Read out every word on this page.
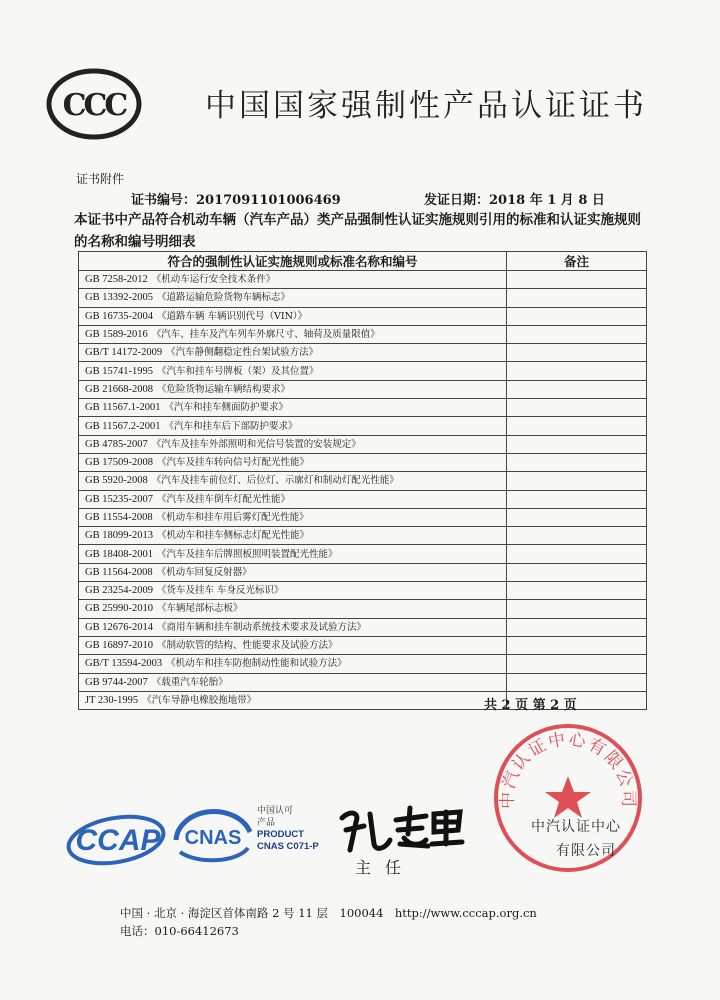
CCC	中国国家强制性产品认证证书
证书附件
证书编号：2017091101006469	发证日期：2018 年 1 月 8 日
本证书中产品符合机动车辆（汽车产品）类产品强制性认证实施规则引用的标准和认证实施规则的名称和编号明细表
符合的强制性认证实施规则或标准名称和编号	备注
GB 7258-2012 《机动车运行安全技术条件》	
GB 13392-2005 《道路运输危险货物车辆标志》	
GB 16735-2004 《道路车辆 车辆识别代号（VIN）》	
GB 1589-2016 《汽车、挂车及汽车列车外廓尺寸、轴荷及质量限值》	
GB/T 14172-2009 《汽车静侧翻稳定性台架试验方法》	
GB 15741-1995 《汽车和挂车号牌板（架）及其位置》	
GB 21668-2008 《危险货物运输车辆结构要求》	
GB 11567.1-2001 《汽车和挂车侧面防护要求》	
GB 11567.2-2001 《汽车和挂车后下部防护要求》	
GB 4785-2007 《汽车及挂车外部照明和光信号装置的安装规定》	
GB 17509-2008 《汽车及挂车转向信号灯配光性能》	
GB 5920-2008 《汽车及挂车前位灯、后位灯、示廓灯和制动灯配光性能》	
GB 15235-2007 《汽车及挂车倒车灯配光性能》	
GB 11554-2008 《机动车和挂车用后雾灯配光性能》	
GB 18099-2013 《机动车和挂车侧标志灯配光性能》	
GB 18408-2001 《汽车及挂车后牌照板照明装置配光性能》	
GB 11564-2008 《机动车回复反射器》	
GB 23254-2009 《货车及挂车 车身反光标识》	
GB 25990-2010 《车辆尾部标志板》	
GB 12676-2014 《商用车辆和挂车制动系统技术要求及试验方法》	
GB 16897-2010 《制动软管的结构、性能要求及试验方法》	
GB/T 13594-2003 《机动车和挂车防抱制动性能和试验方法》	
GB 9744-2007 《载重汽车轮胎》	
JT 230-1995 《汽车导静电橡胶拖地带》		共 2 页 第 2 页
中汽认证中心有限公司
中汽认证中心
有限公司
CCAP CNAS
中国认可
产品
PRODUCT
CNAS C071-P
主任
中国 · 北京 · 海淀区首体南路 2 号 11 层　100044　http://www.cccap.org.cn
电话：010-66412673
